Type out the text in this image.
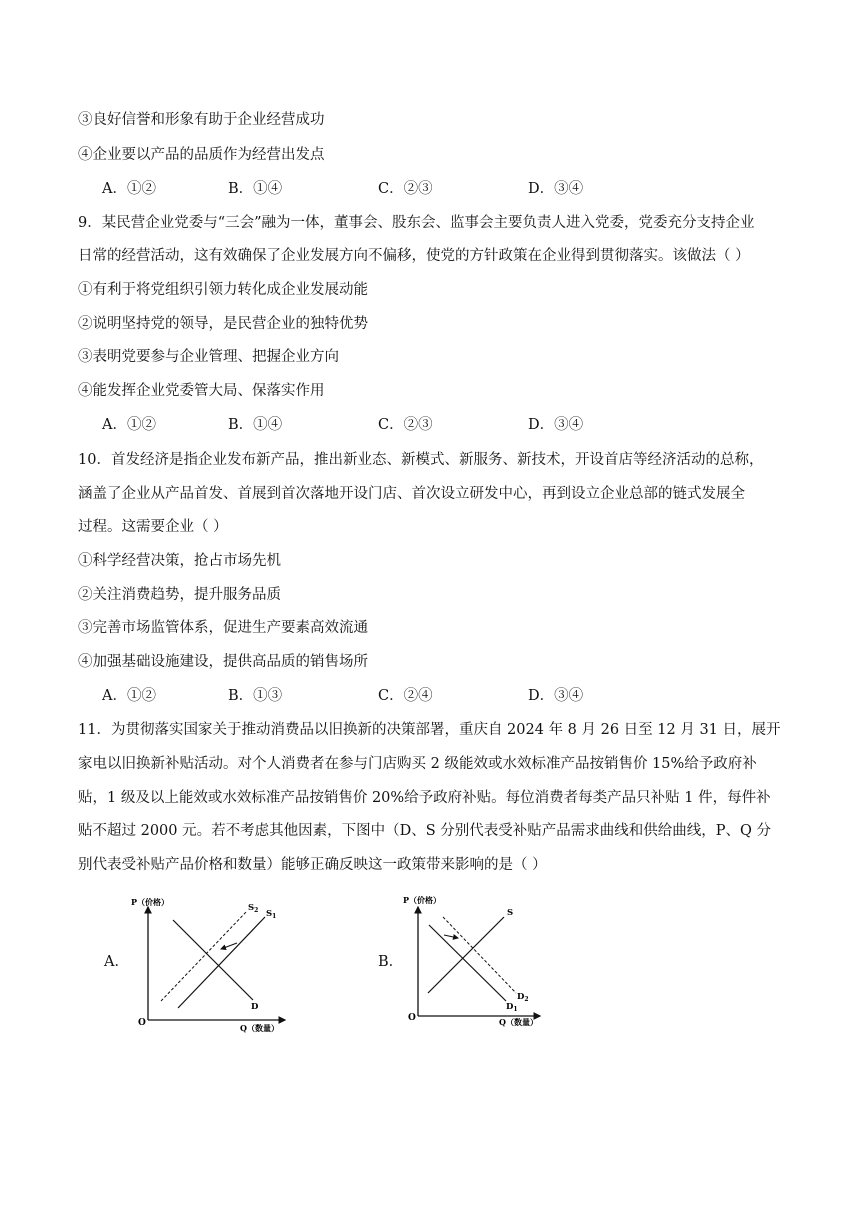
③良好信誉和形象有助于企业经营成功
④企业要以产品的品质作为经营出发点
A．①②	B．①④	C．②③	D．③④
9．某民营企业党委与“三会”融为一体，董事会、股东会、监事会主要负责人进入党委，党委充分支持企业
日常的经营活动，这有效确保了企业发展方向不偏移，使党的方针政策在企业得到贯彻落实。该做法（ ）
①有利于将党组织引领力转化成企业发展动能
②说明坚持党的领导，是民营企业的独特优势
③表明党要参与企业管理、把握企业方向
④能发挥企业党委管大局、保落实作用
A．①②	B．①④	C．②③	D．③④
10．首发经济是指企业发布新产品，推出新业态、新模式、新服务、新技术，开设首店等经济活动的总称，
涵盖了企业从产品首发、首展到首次落地开设门店、首次设立研发中心，再到设立企业总部的链式发展全
过程。这需要企业（ ）
①科学经营决策，抢占市场先机
②关注消费趋势，提升服务品质
③完善市场监管体系，促进生产要素高效流通
④加强基础设施建设，提供高品质的销售场所
A．①②	B．①③	C．②④	D．③④
11．为贯彻落实国家关于推动消费品以旧换新的决策部署，重庆自 2024 年 8 月 26 日至 12 月 31 日，展开
家电以旧换新补贴活动。对个人消费者在参与门店购买 2 级能效或水效标准产品按销售价 15%给予政府补
贴，1 级及以上能效或水效标准产品按销售价 20%给予政府补贴。每位消费者每类产品只补贴 1 件，每件补
贴不超过 2000 元。若不考虑其他因素，下图中（D、S 分别代表受补贴产品需求曲线和供给曲线，P、Q 分
别代表受补贴产品价格和数量）能够正确反映这一政策带来影响的是（ ）
A．
P（价格）
Q（数量）
O
$S_2$ $S_1$
D
B．
P（价格）
Q（数量）
O
S
$D_2$
$D_1$
